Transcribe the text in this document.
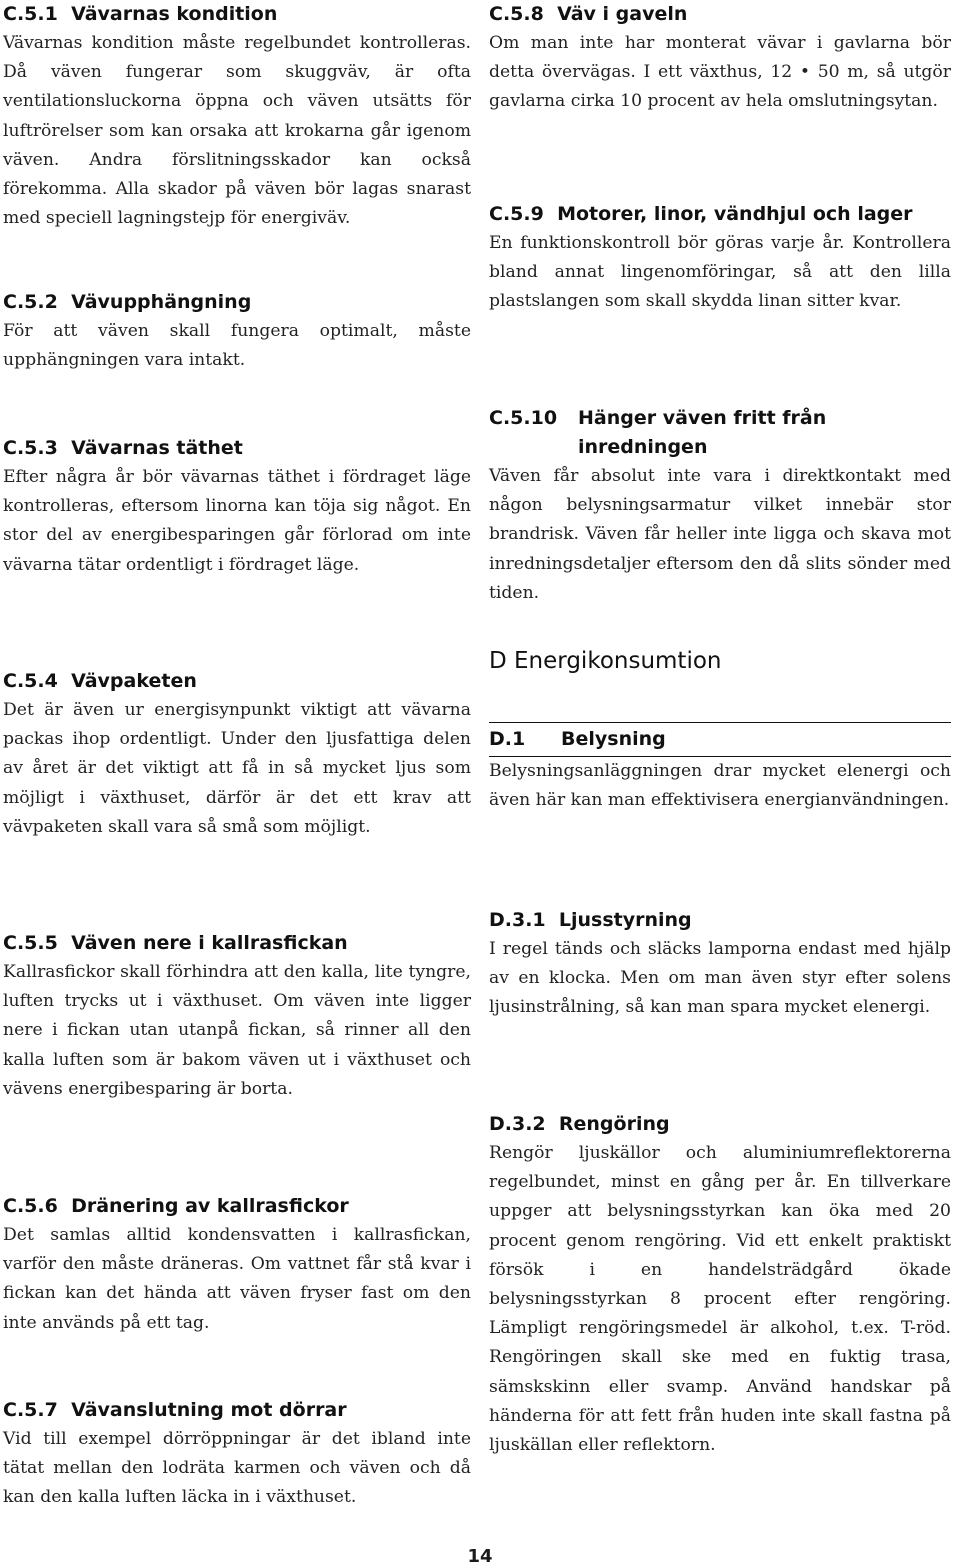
C.5.1 Vävarnas kondition

Vävarnas kondition måste regelbundet kontrolleras. Då väven fungerar som skuggväv, är ofta ventilationsluckorna öppna och väven utsätts för luftrörelser som kan orsaka att krokarna går igenom väven. Andra förslitningsskador kan också förekomma. Alla skador på väven bör lagas snarast med speciell lagningstejp för energiväv.

C.5.2 Vävupphängning

För att väven skall fungera optimalt, måste upphängningen vara intakt.

C.5.3 Vävarnas täthet

Efter några år bör vävarnas täthet i fördraget läge kontrolleras, eftersom linorna kan töja sig något. En stor del av energibesparingen går förlorad om inte vävarna tätar ordentligt i fördraget läge.

C.5.4 Vävpaketen

Det är även ur energisynpunkt viktigt att vävarna packas ihop ordentligt. Under den ljusfattiga delen av året är det viktigt att få in så mycket ljus som möjligt i växthuset, därför är det ett krav att vävpaketen skall vara så små som möjligt.

C.5.5 Väven nere i kallrasfickan

Kallrasfickor skall förhindra att den kalla, lite tyngre, luften trycks ut i växthuset. Om väven inte ligger nere i fickan utan utanpå fickan, så rinner all den kalla luften som är bakom väven ut i växthuset och vävens energibesparing är borta.

C.5.6 Dränering av kallrasfickor

Det samlas alltid kondensvatten i kallrasfickan, varför den måste dräneras. Om vattnet får stå kvar i fickan kan det hända att väven fryser fast om den inte används på ett tag.

C.5.7 Vävanslutning mot dörrar

Vid till exempel dörröppningar är det ibland inte tätat mellan den lodräta karmen och väven och då kan den kalla luften läcka in i växthuset.

C.5.8 Väv i gaveln

Om man inte har monterat vävar i gavlarna bör detta övervägas. I ett växthus, 12 • 50 m, så utgör gavlarna cirka 10 procent av hela omslutningsytan.

C.5.9 Motorer, linor, vändhjul och lager

En funktionskontroll bör göras varje år. Kontrollera bland annat lingenomföringar, så att den lilla plastslangen som skall skydda linan sitter kvar.

C.5.10 Hänger väven fritt från inredningen

Väven får absolut inte vara i direktkontakt med någon belysningsarmatur vilket innebär stor brandrisk. Väven får heller inte ligga och skava mot inredningsdetaljer eftersom den då slits sönder med tiden.

D Energikonsumtion
D.1 Belysning

Belysningsanläggningen drar mycket elenergi och även här kan man effektivisera energianvändningen.

D.3.1 Ljusstyrning

I regel tänds och släcks lamporna endast med hjälp av en klocka. Men om man även styr efter solens ljusinstrålning, så kan man spara mycket elenergi.

D.3.2 Rengöring

Rengör ljuskällor och aluminiumreflektorerna regelbundet, minst en gång per år. En tillverkare uppger att belysningsstyrkan kan öka med 20 procent genom rengöring. Vid ett enkelt praktiskt försök i en handelsträdgård ökade belysningsstyrkan 8 procent efter rengöring. Lämpligt rengöringsmedel är alkohol, t.ex. T-röd. Rengöringen skall ske med en fuktig trasa, sämskskinn eller svamp. Använd handskar på händerna för att fett från huden inte skall fastna på ljuskällan eller reflektorn.

14
